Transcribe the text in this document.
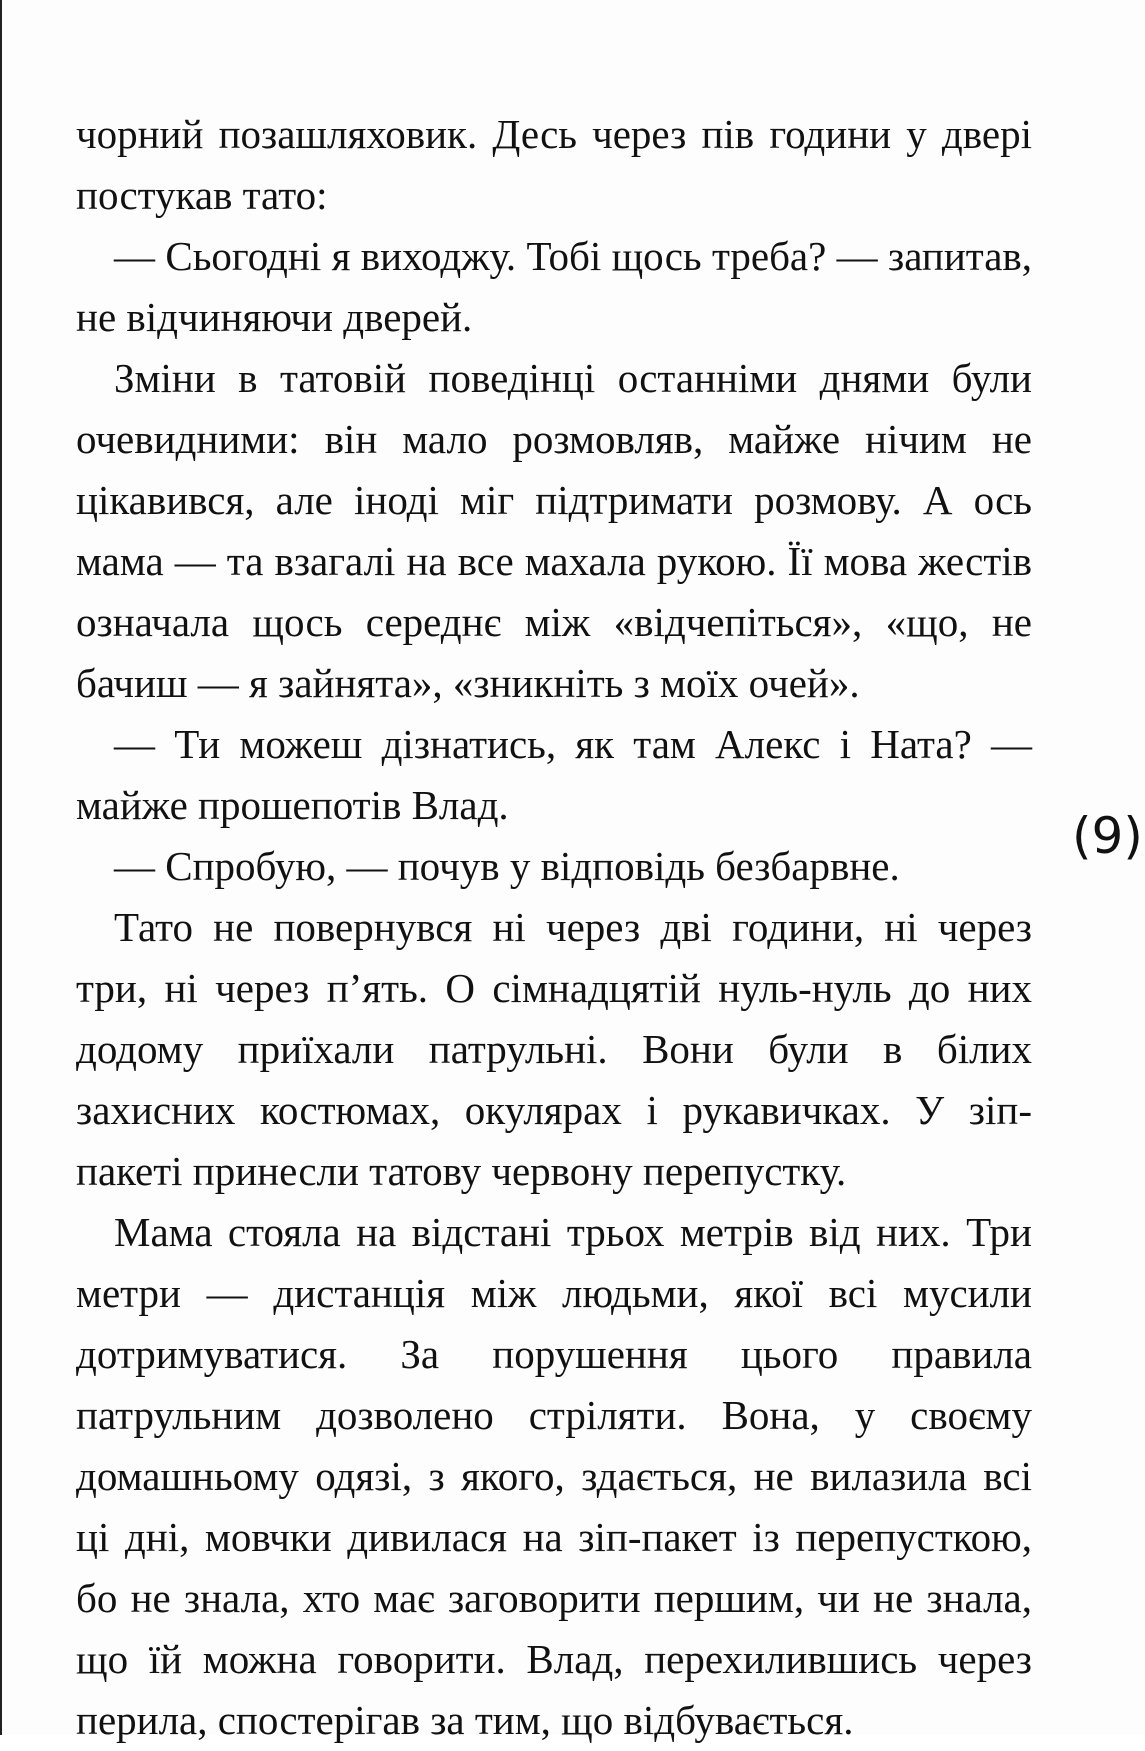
чорний позашляховик. Десь через пів години у двері постукав тато:

— Сьогодні я виходжу. Тобі щось треба? — запитав, не відчиняючи дверей.

Зміни в татовій поведінці останніми днями були очевидними: він мало розмовляв, майже нічим не цікавився, але іноді міг підтримати розмову. А ось мама — та взагалі на все махала рукою. Її мова жестів означала щось середнє між «відчепіться», «що, не бачиш — я зайнята», «зникніть з моїх очей».

— Ти можеш дізнатись, як там Алекс і Ната? — майже прошепотів Влад.

— Спробую, — почув у відповідь безбарвне.

Тато не повернувся ні через дві години, ні через три, ні через п’ять. О сімнадцятій нуль-нуль до них додому приїхали патрульні. Вони були в білих захисних костюмах, окулярах і рукавичках. У зіп-пакеті принесли татову червону перепустку.

Мама стояла на відстані трьох метрів від них. Три метри — дистанція між людьми, якої всі мусили дотримуватися. За порушення цього правила патрульним дозволено стріляти. Вона, у своєму домашньому одязі, з якого, здається, не вилазила всі ці дні, мовчки дивилася на зіп-пакет із перепусткою, бо не знала, хто має заговорити першим, чи не знала, що їй можна говорити. Влад, перехилившись через перила, спостерігав за тим, що відбувається.

(9)
